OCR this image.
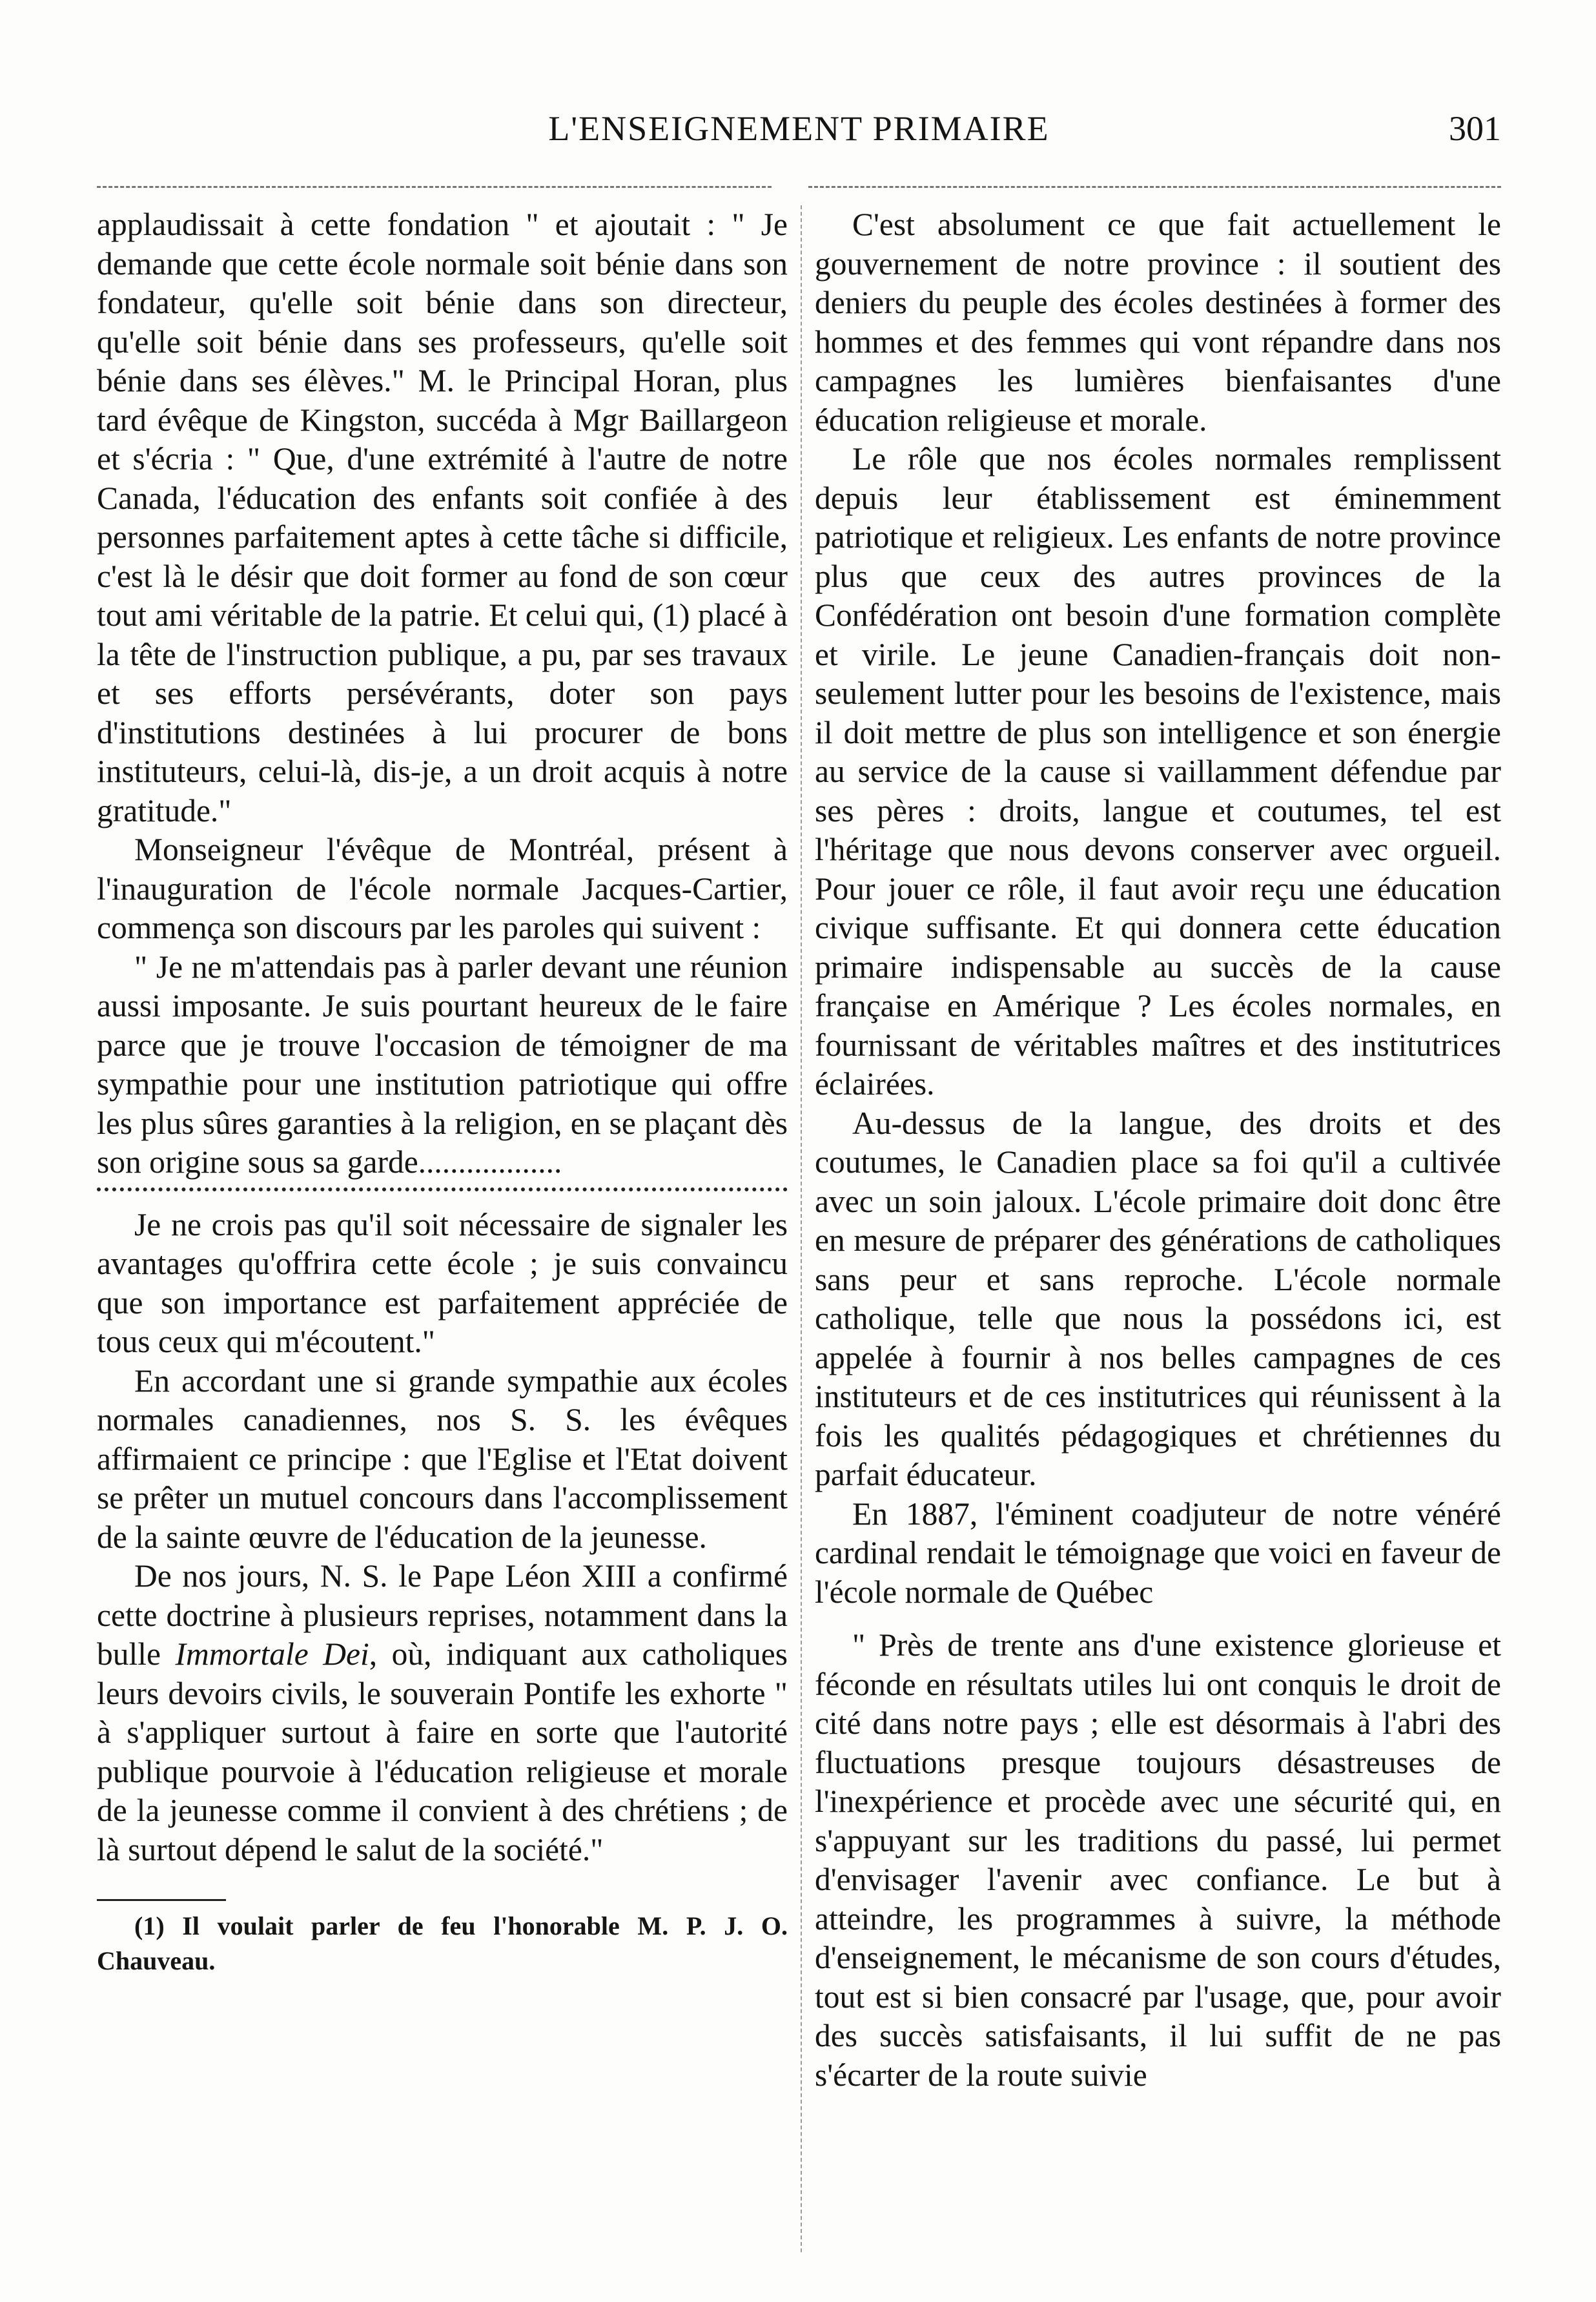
L'ENSEIGNEMENT PRIMAIRE	301

applaudissait à cette fondation " et ajoutait : " Je demande que cette école normale soit bénie dans son fondateur, qu'elle soit bénie dans son directeur, qu'elle soit bénie dans ses professeurs, qu'elle soit bénie dans ses élèves." M. le Principal Horan, plus tard évêque de Kingston, succéda à Mgr Baillargeon et s'écria : " Que, d'une extrémité à l'autre de notre Canada, l'éducation des enfants soit confiée à des personnes parfaitement aptes à cette tâche si difficile, c'est là le désir que doit former au fond de son cœur tout ami véritable de la patrie. Et celui qui, (1) placé à la tête de l'instruction publique, a pu, par ses travaux et ses efforts persévérants, doter son pays d'institutions destinées à lui procurer de bons instituteurs, celui-là, dis-je, a un droit acquis à notre gratitude."

Monseigneur l'évêque de Montréal, présent à l'inauguration de l'école normale Jacques-Cartier, commença son discours par les paroles qui suivent :

" Je ne m'attendais pas à parler devant une réunion aussi imposante. Je suis pourtant heureux de le faire parce que je trouve l'occasion de témoigner de ma sympathie pour une institution patriotique qui offre les plus sûres garanties à la religion, en se plaçant dès son origine sous sa garde..................

Je ne crois pas qu'il soit nécessaire de signaler les avantages qu'offrira cette école ; je suis convaincu que son importance est parfaitement appréciée de tous ceux qui m'écoutent."

En accordant une si grande sympathie aux écoles normales canadiennes, nos S. S. les évêques affirmaient ce principe : que l'Eglise et l'Etat doivent se prêter un mutuel concours dans l'accomplissement de la sainte œuvre de l'éducation de la jeunesse.

De nos jours, N. S. le Pape Léon XIII a confirmé cette doctrine à plusieurs reprises, notamment dans la bulle Immortale Dei, où, indiquant aux catholiques leurs devoirs civils, le souverain Pontife les exhorte " à s'appliquer surtout à faire en sorte que l'autorité publique pourvoie à l'éducation religieuse et morale de la jeunesse comme il convient à des chrétiens ; de là surtout dépend le salut de la société."

(1) Il voulait parler de feu l'honorable M. P. J. O. Chauveau.

C'est absolument ce que fait actuellement le gouvernement de notre province : il soutient des deniers du peuple des écoles destinées à former des hommes et des femmes qui vont répandre dans nos campagnes les lumières bienfaisantes d'une éducation religieuse et morale.

Le rôle que nos écoles normales remplissent depuis leur établissement est éminemment patriotique et religieux. Les enfants de notre province plus que ceux des autres provinces de la Confédération ont besoin d'une formation complète et virile. Le jeune Canadien-français doit non-seulement lutter pour les besoins de l'existence, mais il doit mettre de plus son intelligence et son énergie au service de la cause si vaillamment défendue par ses pères : droits, langue et coutumes, tel est l'héritage que nous devons conserver avec orgueil. Pour jouer ce rôle, il faut avoir reçu une éducation civique suffisante. Et qui donnera cette éducation primaire indispensable au succès de la cause française en Amérique ? Les écoles normales, en fournissant de véritables maîtres et des institutrices éclairées.

Au-dessus de la langue, des droits et des coutumes, le Canadien place sa foi qu'il a cultivée avec un soin jaloux. L'école primaire doit donc être en mesure de préparer des générations de catholiques sans peur et sans reproche. L'école normale catholique, telle que nous la possédons ici, est appelée à fournir à nos belles campagnes de ces instituteurs et de ces institutrices qui réunissent à la fois les qualités pédagogiques et chrétiennes du parfait éducateur.

En 1887, l'éminent coadjuteur de notre vénéré cardinal rendait le témoignage que voici en faveur de l'école normale de Québec

" Près de trente ans d'une existence glorieuse et féconde en résultats utiles lui ont conquis le droit de cité dans notre pays ; elle est désormais à l'abri des fluctuations presque toujours désastreuses de l'inexpérience et procède avec une sécurité qui, en s'appuyant sur les traditions du passé, lui permet d'envisager l'avenir avec confiance. Le but à atteindre, les programmes à suivre, la méthode d'enseignement, le mécanisme de son cours d'études, tout est si bien consacré par l'usage, que, pour avoir des succès satisfaisants, il lui suffit de ne pas s'écarter de la route suivie
